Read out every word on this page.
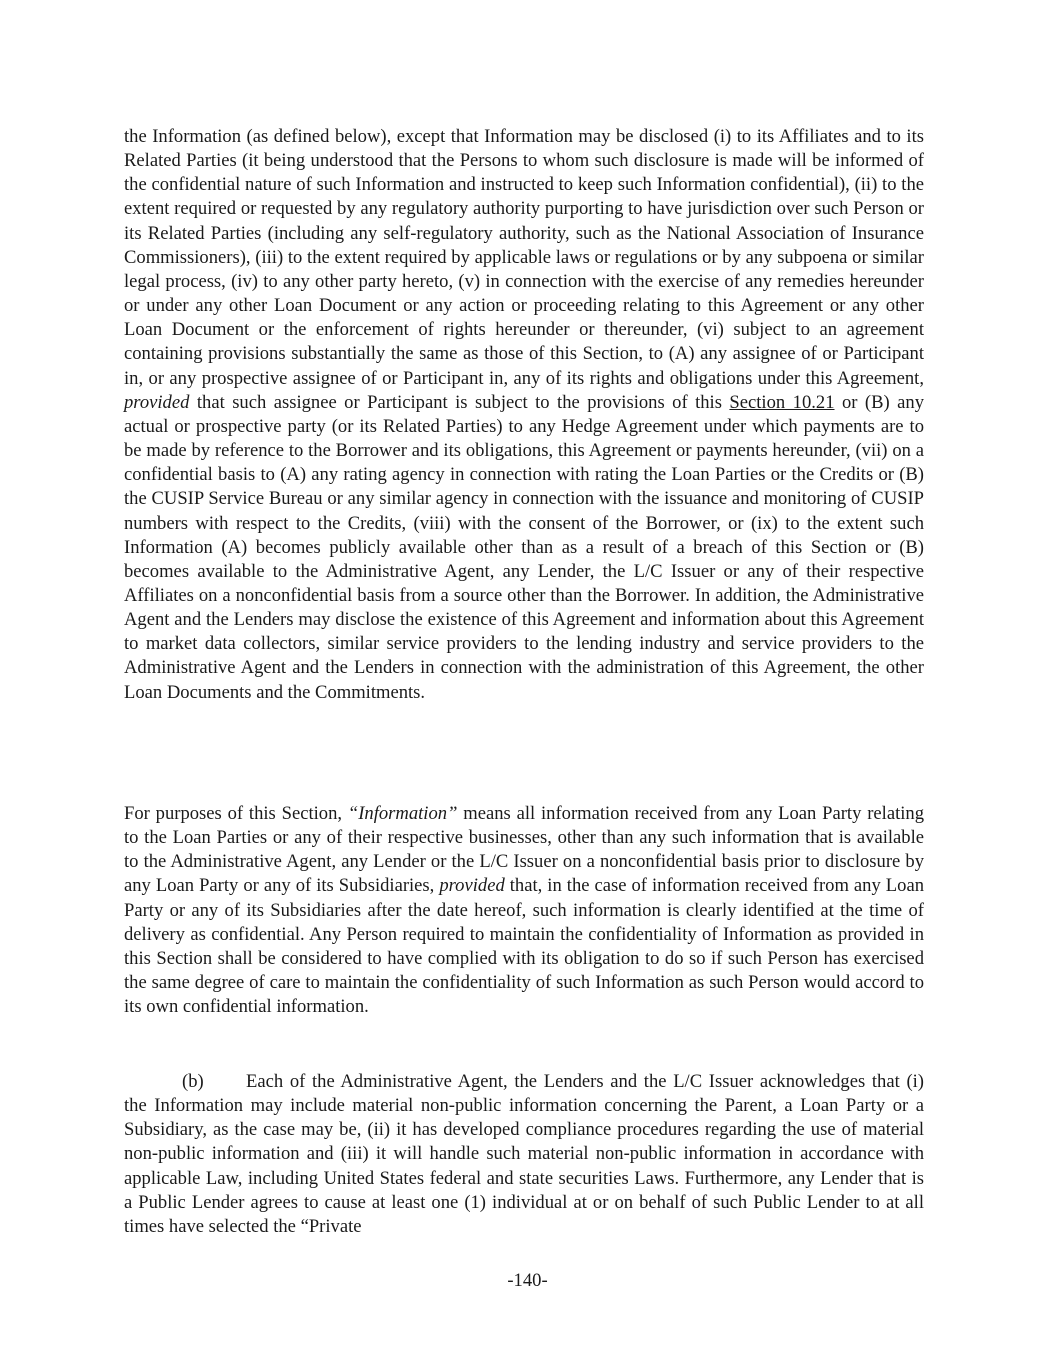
the Information (as defined below), except that Information may be disclosed (i) to its Affiliates and to its Related Parties (it being understood that the Persons to whom such disclosure is made will be informed of the confidential nature of such Information and instructed to keep such Information confidential), (ii) to the extent required or requested by any regulatory authority purporting to have jurisdiction over such Person or its Related Parties (including any self-regulatory authority, such as the National Association of Insurance Commissioners), (iii) to the extent required by applicable laws or regulations or by any subpoena or similar legal process, (iv) to any other party hereto, (v) in connection with the exercise of any remedies hereunder or under any other Loan Document or any action or proceeding relating to this Agreement or any other Loan Document or the enforcement of rights hereunder or thereunder, (vi) subject to an agreement containing provisions substantially the same as those of this Section, to (A) any assignee of or Participant in, or any prospective assignee of or Participant in, any of its rights and obligations under this Agreement, provided that such assignee or Participant is subject to the provisions of this Section 10.21 or (B) any actual or prospective party (or its Related Parties) to any Hedge Agreement under which payments are to be made by reference to the Borrower and its obligations, this Agreement or payments hereunder, (vii) on a confidential basis to (A) any rating agency in connection with rating the Loan Parties or the Credits or (B) the CUSIP Service Bureau or any similar agency in connection with the issuance and monitoring of CUSIP numbers with respect to the Credits, (viii) with the consent of the Borrower, or (ix) to the extent such Information (A) becomes publicly available other than as a result of a breach of this Section or (B) becomes available to the Administrative Agent, any Lender, the L/C Issuer or any of their respective Affiliates on a nonconfidential basis from a source other than the Borrower. In addition, the Administrative Agent and the Lenders may disclose the existence of this Agreement and information about this Agreement to market data collectors, similar service providers to the lending industry and service providers to the Administrative Agent and the Lenders in connection with the administration of this Agreement, the other Loan Documents and the Commitments.

For purposes of this Section, “Information” means all information received from any Loan Party relating to the Loan Parties or any of their respective businesses, other than any such information that is available to the Administrative Agent, any Lender or the L/C Issuer on a nonconfidential basis prior to disclosure by any Loan Party or any of its Subsidiaries, provided that, in the case of information received from any Loan Party or any of its Subsidiaries after the date hereof, such information is clearly identified at the time of delivery as confidential. Any Person required to maintain the confidentiality of Information as provided in this Section shall be considered to have complied with its obligation to do so if such Person has exercised the same degree of care to maintain the confidentiality of such Information as such Person would accord to its own confidential information.

(b) Each of the Administrative Agent, the Lenders and the L/C Issuer acknowledges that (i) the Information may include material non-public information concerning the Parent, a Loan Party or a Subsidiary, as the case may be, (ii) it has developed compliance procedures regarding the use of material non-public information and (iii) it will handle such material non-public information in accordance with applicable Law, including United States federal and state securities Laws. Furthermore, any Lender that is a Public Lender agrees to cause at least one (1) individual at or on behalf of such Public Lender to at all times have selected the “Private

-140-
